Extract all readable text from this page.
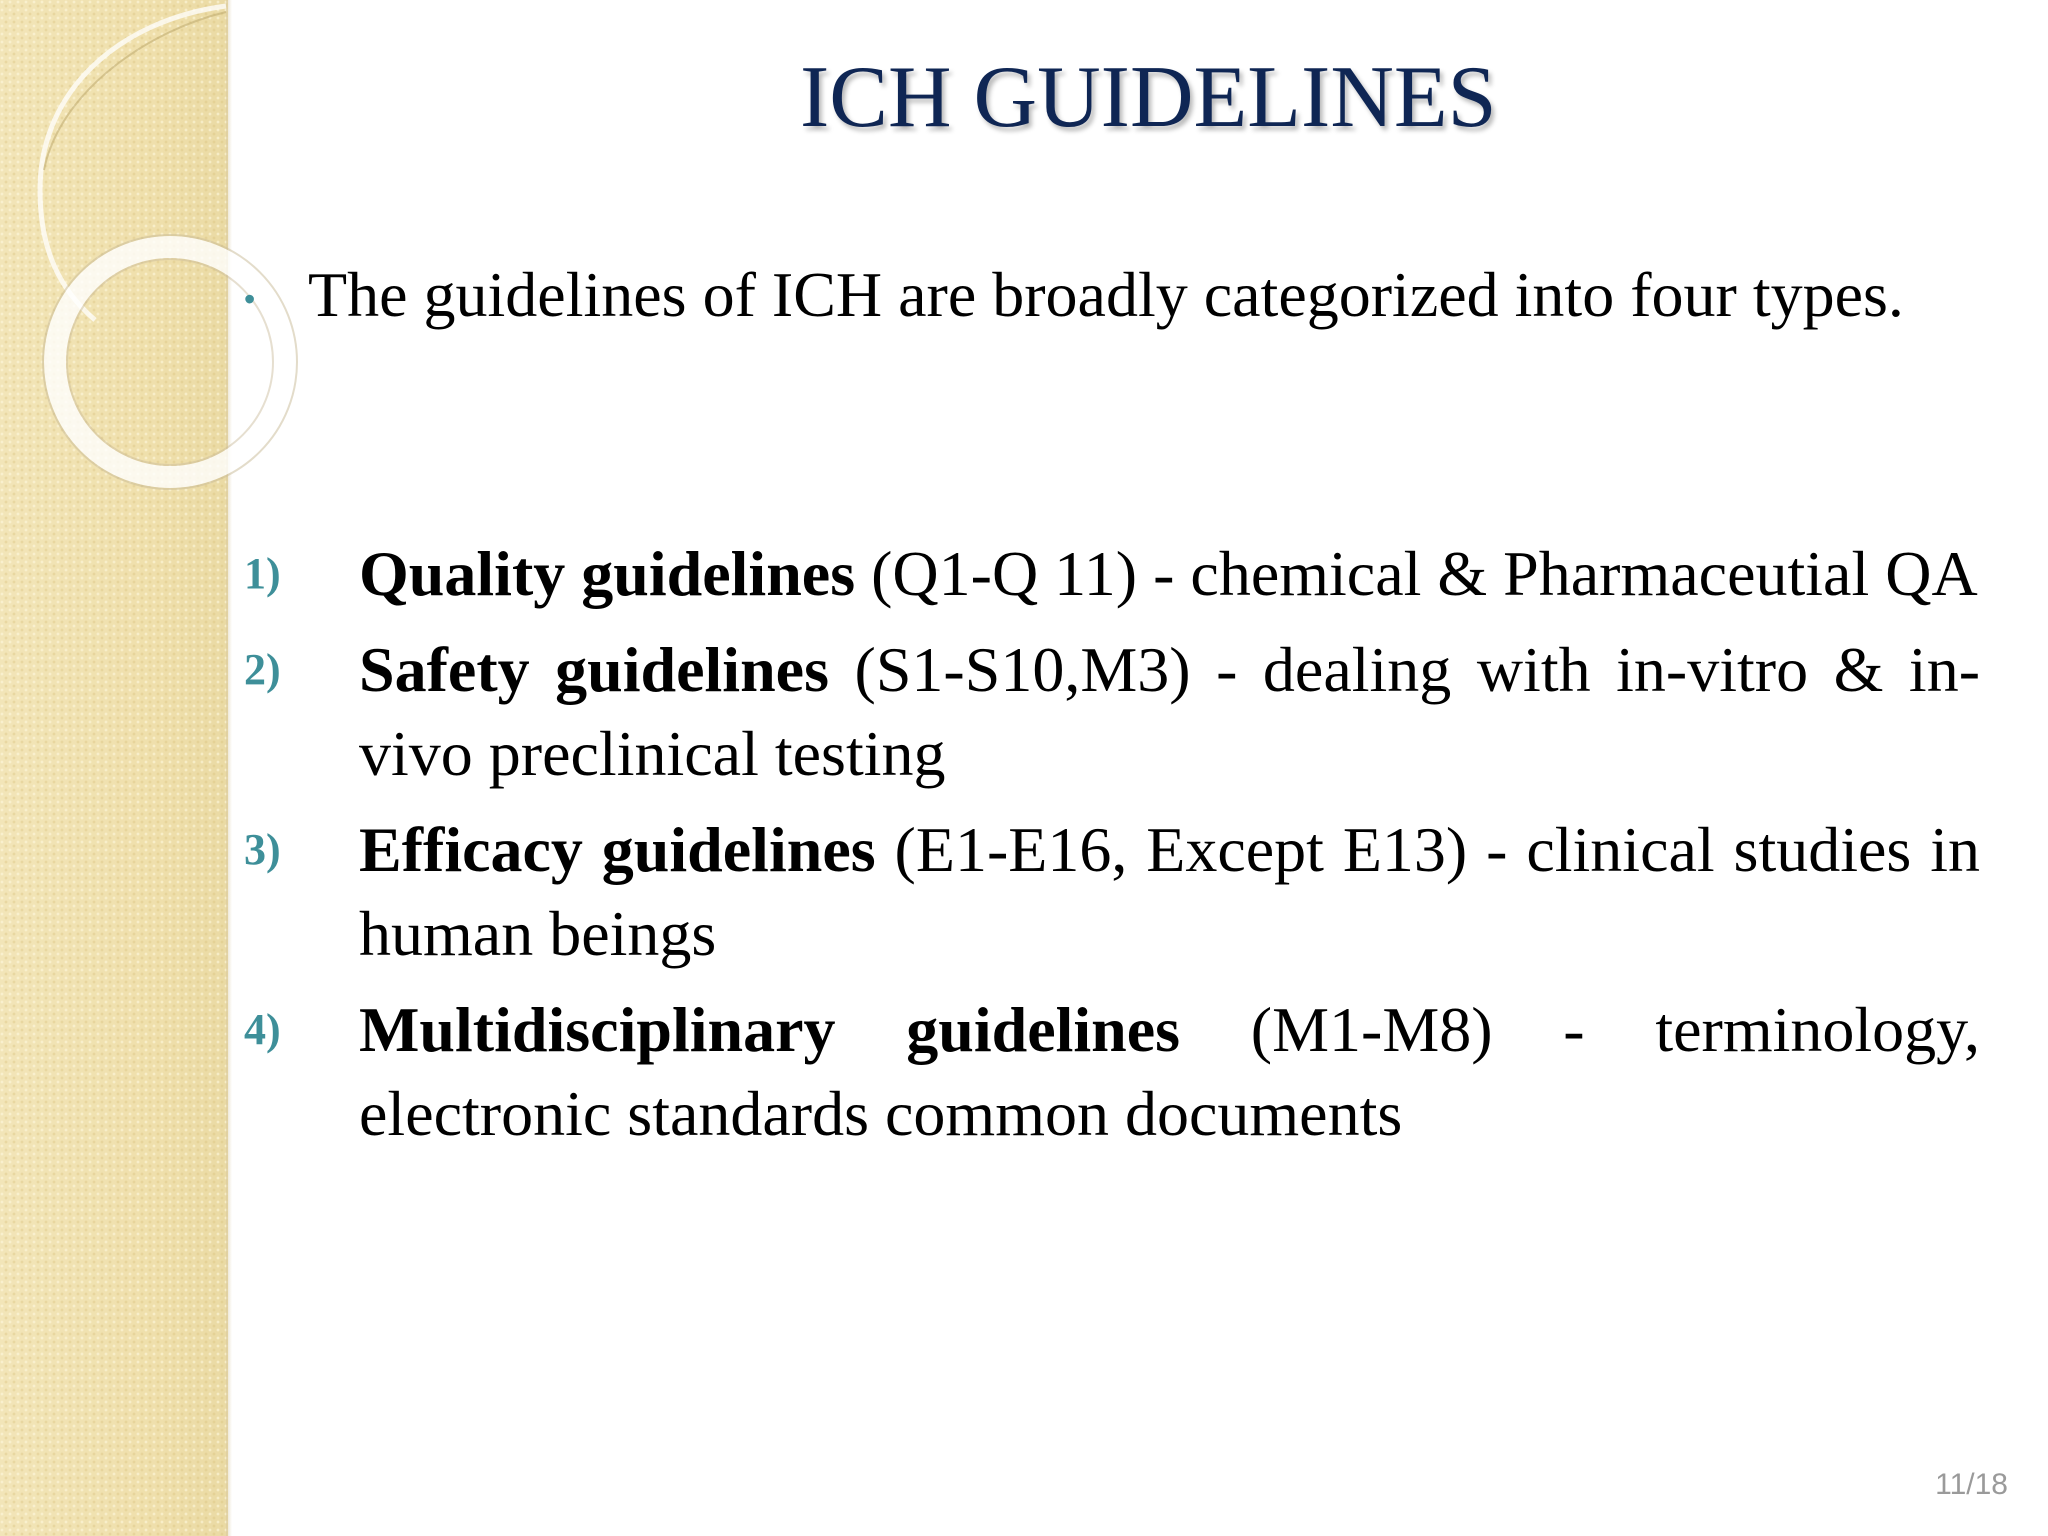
ICH GUIDELINES
• The guidelines of ICH are broadly categorized into four types.
1) Quality guidelines (Q1-Q 11) - chemical & Pharmaceutial QA
2) Safety guidelines (S1-S10,M3) - dealing with in-vitro & in-vivo preclinical testing
3) Efficacy guidelines (E1-E16, Except E13) - clinical studies in human beings
4) Multidisciplinary guidelines (M1-M8) - terminology, electronic standards common documents
11/18
